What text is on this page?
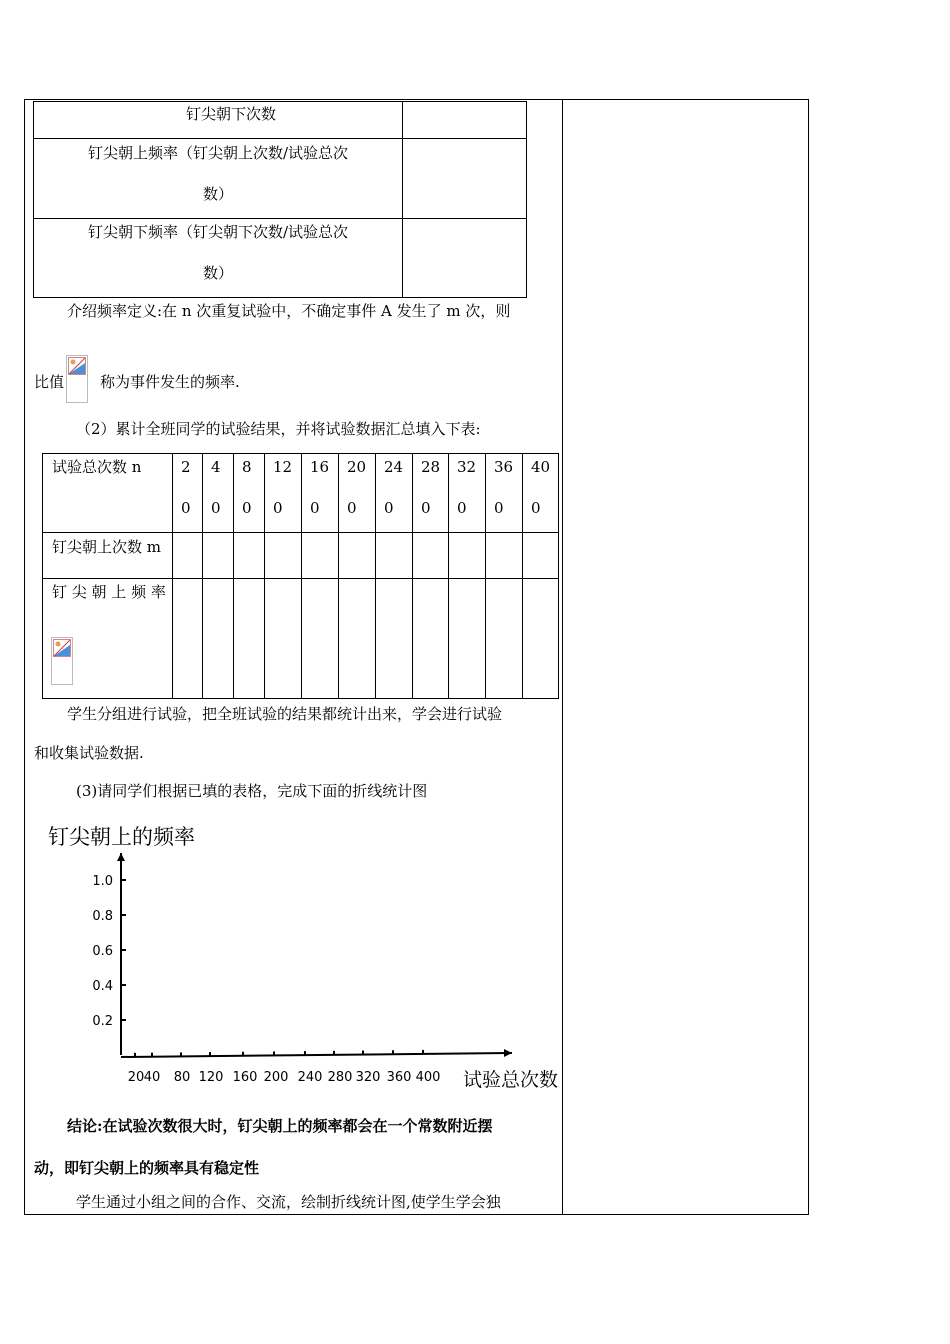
钉尖朝下次数
钉尖朝上频率（钉尖朝上次数/试验总次
数）
钉尖朝下频率（钉尖朝下次数/试验总次
数）
介绍频率定义:在 n 次重复试验中，不确定事件 A 发生了 m 次，则
比值 称为事件发生的频率.
（2）累计全班同学的试验结果，并将试验数据汇总填入下表:
试验总次数 n
钉尖朝上次数 m
钉 尖 朝 上 频 率
2
0
4
0
8
0
12
0
16
0
20
0
24
0
28
0
32
0
36
0
40
0
学生分组进行试验，把全班试验的结果都统计出来，学会进行试验
和收集试验数据.
(3)请同学们根据已填的表格，完成下面的折线统计图
钉尖朝上的频率
0.2
0.4
0.6
0.8
1.0
20 40 80 120 160 200 240 280 320 360 400 试验总次数
结论:在试验次数很大时，钉尖朝上的频率都会在一个常数附近摆
动，即钉尖朝上的频率具有稳定性
学生通过小组之间的合作、交流，绘制折线统计图,使学生学会独
